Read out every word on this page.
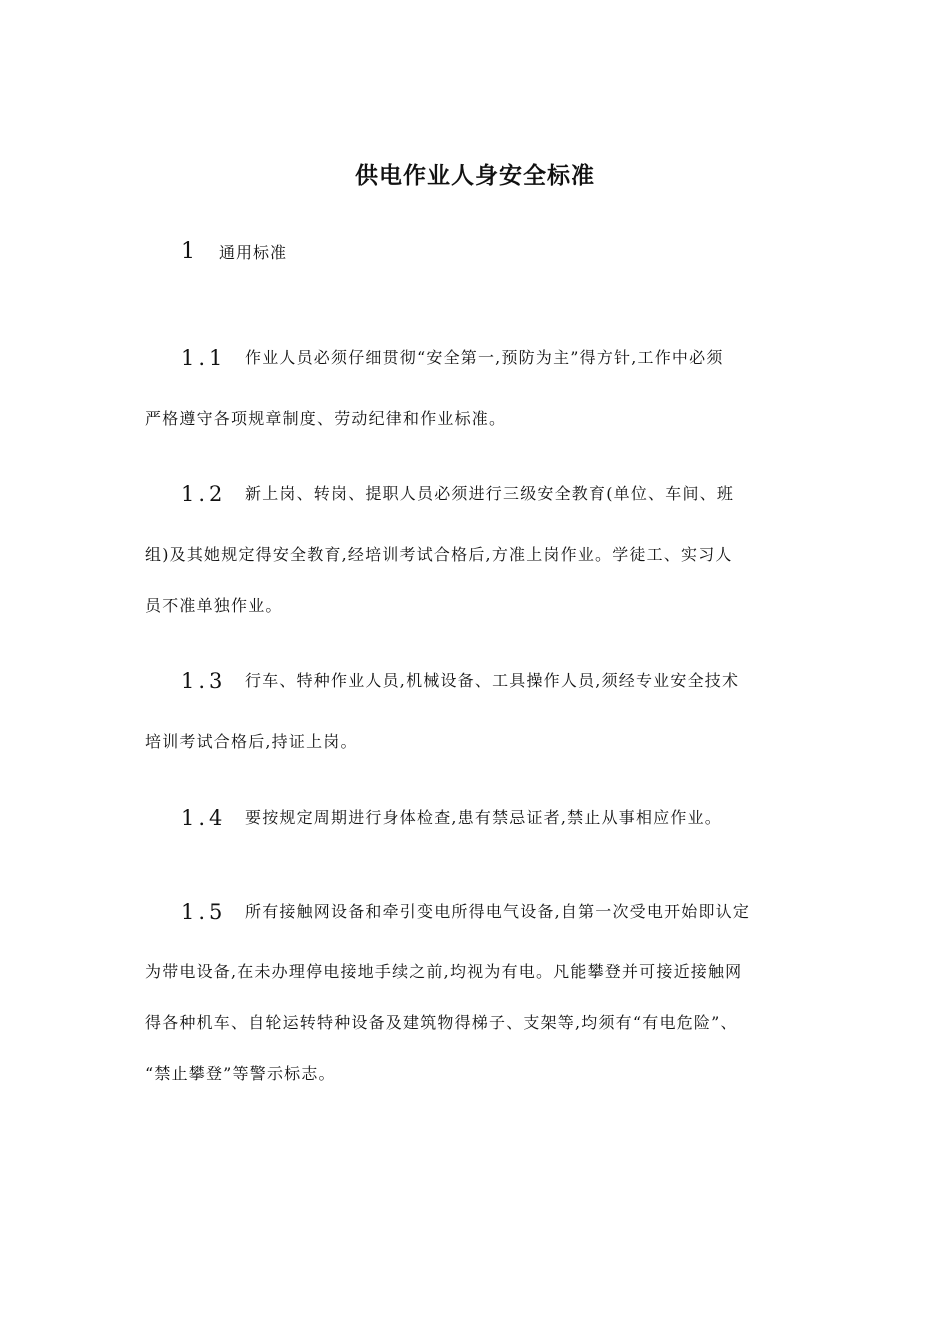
供电作业人身安全标准
1	通用标准
1.1 作业人员必须仔细贯彻“安全第一,预防为主”得方针,工作中必须
严格遵守各项规章制度、劳动纪律和作业标准。
1.2 新上岗、转岗、提职人员必须进行三级安全教育(单位、车间、班
组)及其她规定得安全教育,经培训考试合格后,方准上岗作业。学徒工、实习人
员不准单独作业。
1.3 行车、特种作业人员,机械设备、工具操作人员,须经专业安全技术
培训考试合格后,持证上岗。
1.4 要按规定周期进行身体检查,患有禁忌证者,禁止从事相应作业。
1.5 所有接触网设备和牵引变电所得电气设备,自第一次受电开始即认定
为带电设备,在未办理停电接地手续之前,均视为有电。凡能攀登并可接近接触网
得各种机车、自轮运转特种设备及建筑物得梯子、支架等,均须有“有电危险”、
“禁止攀登”等警示标志。
